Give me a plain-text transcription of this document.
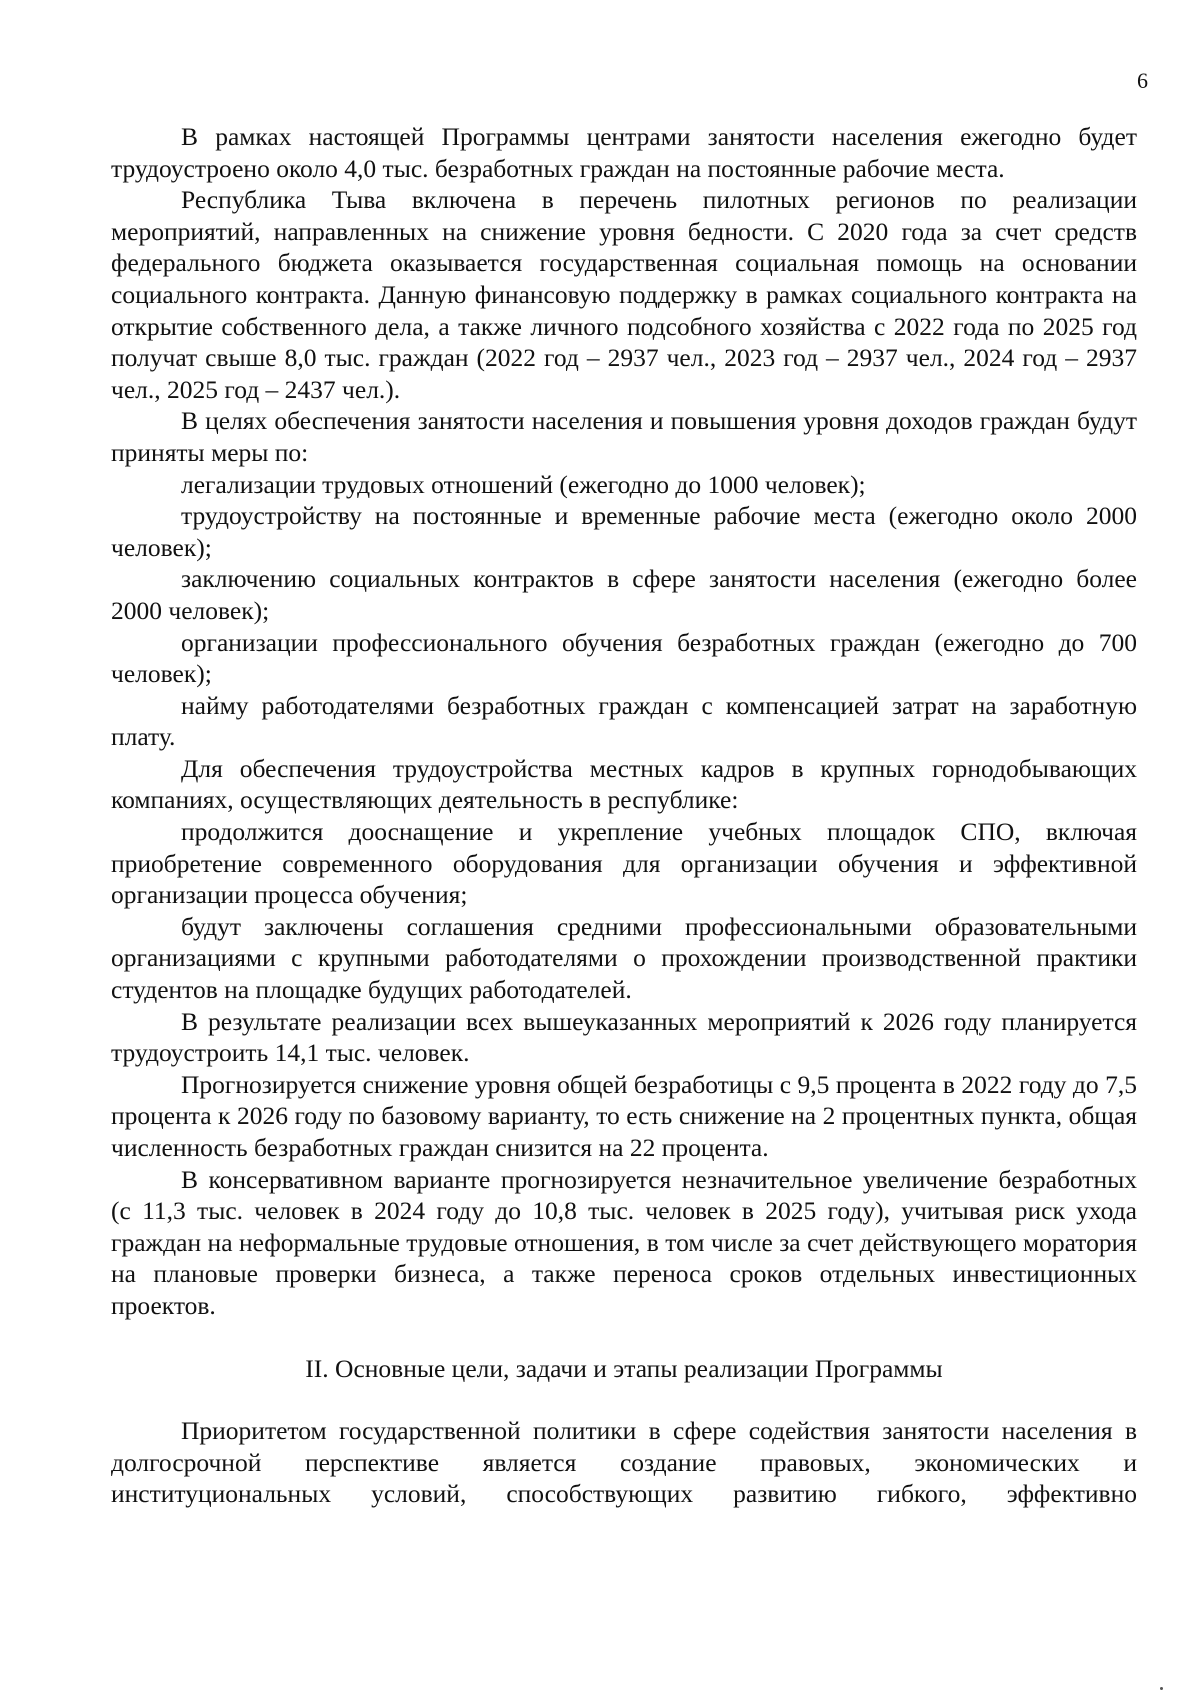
6

В рамках настоящей Программы центрами занятости населения ежегодно будет трудоустроено около 4,0 тыс. безработных граждан на постоянные рабочие места.

Республика Тыва включена в перечень пилотных регионов по реализации мероприятий, направленных на снижение уровня бедности. С 2020 года за счет средств федерального бюджета оказывается государственная социальная помощь на основании социального контракта. Данную финансовую поддержку в рамках социального контракта на открытие собственного дела, а также личного подсобного хозяйства с 2022 года по 2025 год получат свыше 8,0 тыс. граждан (2022 год – 2937 чел., 2023 год – 2937 чел., 2024 год – 2937 чел., 2025 год – 2437 чел.).

В целях обеспечения занятости населения и повышения уровня доходов граждан будут приняты меры по:

легализации трудовых отношений (ежегодно до 1000 человек);

трудоустройству на постоянные и временные рабочие места (ежегодно около 2000 человек);

заключению социальных контрактов в сфере занятости населения (ежегодно более 2000 человек);

организации профессионального обучения безработных граждан (ежегодно до 700 человек);

найму работодателями безработных граждан с компенсацией затрат на заработную плату.

Для обеспечения трудоустройства местных кадров в крупных горнодобывающих компаниях, осуществляющих деятельность в республике:

продолжится дооснащение и укрепление учебных площадок СПО, включая приобретение современного оборудования для организации обучения и эффективной организации процесса обучения;

будут заключены соглашения средними профессиональными образовательными организациями с крупными работодателями о прохождении производственной практики студентов на площадке будущих работодателей.

В результате реализации всех вышеуказанных мероприятий к 2026 году планируется трудоустроить 14,1 тыс. человек.

Прогнозируется снижение уровня общей безработицы с 9,5 процента в 2022 году до 7,5 процента к 2026 году по базовому варианту, то есть снижение на 2 процентных пункта, общая численность безработных граждан снизится на 22 процента.

В консервативном варианте прогнозируется незначительное увеличение безработных (с 11,3 тыс. человек в 2024 году до 10,8 тыс. человек в 2025 году), учитывая риск ухода граждан на неформальные трудовые отношения, в том числе за счет действующего моратория на плановые проверки бизнеса, а также переноса сроков отдельных инвестиционных проектов.

II. Основные цели, задачи и этапы реализации Программы

Приоритетом государственной политики в сфере содействия занятости населения в долгосрочной перспективе является создание правовых, экономических и институциональных условий, способствующих развитию гибкого, эффективно
